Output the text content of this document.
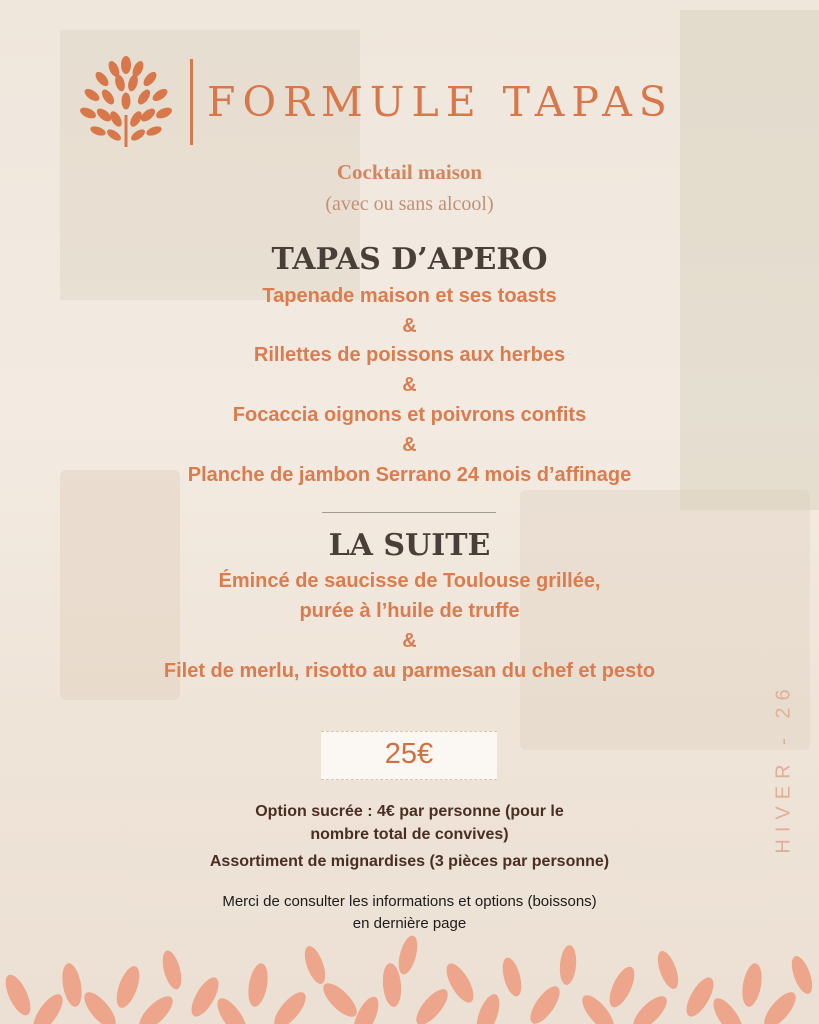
FORMULE TAPAS
Cocktail maison
(avec ou sans alcool)
TAPAS D’APERO
Tapenade maison et ses toasts
&
Rillettes de poissons aux herbes
&
Focaccia oignons et poivrons confits
&
Planche de jambon Serrano 24 mois d’affinage
LA SUITE
Émincé de saucisse de Toulouse grillée,
purée à l’huile de truffe
&
Filet de merlu, risotto au parmesan du chef et pesto
25€
Option sucrée : 4€ par personne (pour le
nombre total de convives)
Assortiment de mignardises (3 pièces par personne)
Merci de consulter les informations et options (boissons)
en dernière page
HIVER - 26
